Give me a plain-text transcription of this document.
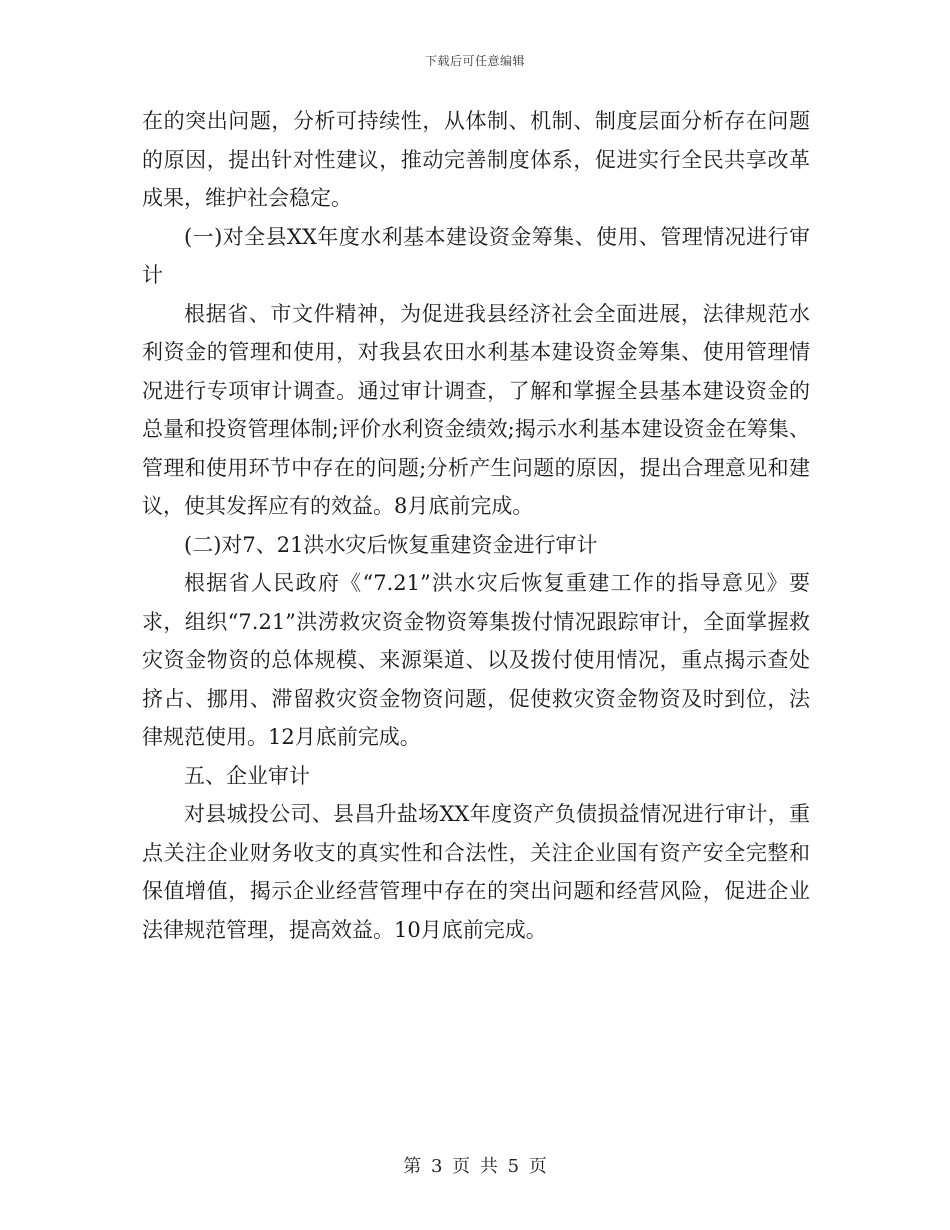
下载后可任意编辑

在的突出问题，分析可持续性，从体制、机制、制度层面分析存在问题的原因，提出针对性建议，推动完善制度体系，促进实行全民共享改革成果，维护社会稳定。

(一)对全县XX年度水利基本建设资金筹集、使用、管理情况进行审计

根据省、市文件精神，为促进我县经济社会全面进展，法律规范水利资金的管理和使用，对我县农田水利基本建设资金筹集、使用管理情况进行专项审计调查。通过审计调查，了解和掌握全县基本建设资金的总量和投资管理体制;评价水利资金绩效;揭示水利基本建设资金在筹集、管理和使用环节中存在的问题;分析产生问题的原因，提出合理意见和建议，使其发挥应有的效益。8月底前完成。

(二)对7、21洪水灾后恢复重建资金进行审计

根据省人民政府《“7.21”洪水灾后恢复重建工作的指导意见》要求，组织“7.21”洪涝救灾资金物资筹集拨付情况跟踪审计，全面掌握救灾资金物资的总体规模、来源渠道、以及拨付使用情况，重点揭示查处挤占、挪用、滞留救灾资金物资问题，促使救灾资金物资及时到位，法律规范使用。12月底前完成。

五、企业审计

对县城投公司、县昌升盐场XX年度资产负债损益情况进行审计，重点关注企业财务收支的真实性和合法性，关注企业国有资产安全完整和保值增值，揭示企业经营管理中存在的突出问题和经营风险，促进企业法律规范管理，提高效益。10月底前完成。

第 3 页 共 5 页
